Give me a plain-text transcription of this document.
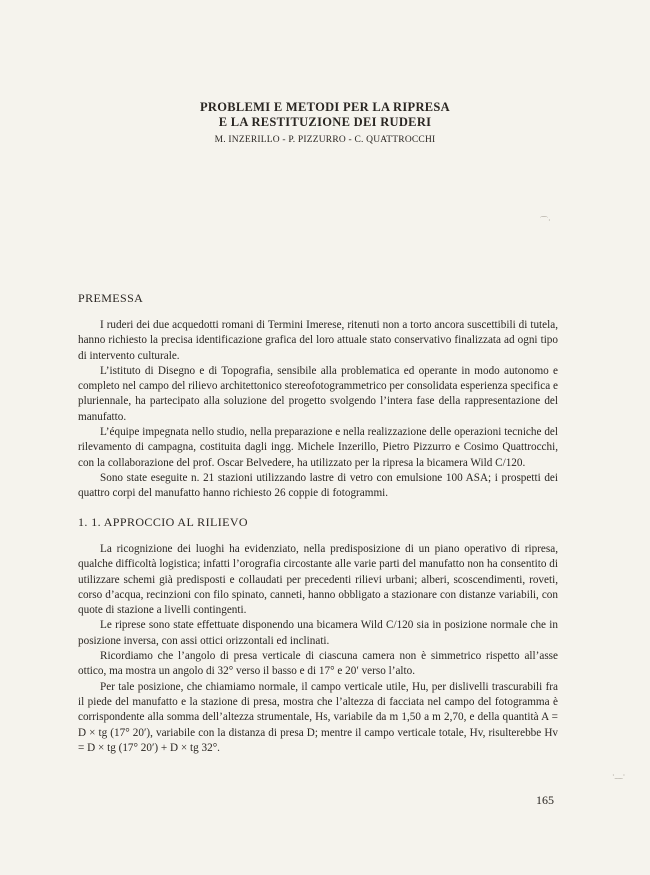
PROBLEMI E METODI PER LA RIPRESA
E LA RESTITUZIONE DEI RUDERI
M. INZERILLO - P. PIZZURRO - C. QUATTROCCHI
⌒·
PREMESSA

I ruderi dei due acquedotti romani di Termini Imerese, ritenuti non a torto ancora suscettibili di tutela, hanno richiesto la precisa identificazione grafica del loro attuale stato conservativo finalizzata ad ogni tipo di intervento culturale.

L’istituto di Disegno e di Topografia, sensibile alla problematica ed operante in modo autonomo e completo nel campo del rilievo architettonico stereofotogrammetrico per consolidata esperienza specifica e pluriennale, ha partecipato alla soluzione del progetto svolgendo l’intera fase della rappresentazione del manufatto.

L’équipe impegnata nello studio, nella preparazione e nella realizzazione delle operazioni tecniche del rilevamento di campagna, costituita dagli ingg. Michele Inzerillo, Pietro Pizzurro e Cosimo Quattrocchi, con la collaborazione del prof. Oscar Belvedere, ha utilizzato per la ripresa la bicamera Wild C/120.

Sono state eseguite n. 21 stazioni utilizzando lastre di vetro con emulsione 100 ASA; i prospetti dei quattro corpi del manufatto hanno richiesto 26 coppie di fotogrammi.

1. 1. APPROCCIO AL RILIEVO

La ricognizione dei luoghi ha evidenziato, nella predisposizione di un piano operativo di ripresa, qualche difficoltà logistica; infatti l’orografia circostante alle varie parti del manufatto non ha consentito di utilizzare schemi già predisposti e collaudati per precedenti rilievi urbani; alberi, scoscendimenti, roveti, corso d’acqua, recinzioni con filo spinato, canneti, hanno obbligato a stazionare con distanze variabili, con quote di stazione a livelli contingenti.

Le riprese sono state effettuate disponendo una bicamera Wild C/120 sia in posizione normale che in posizione inversa, con assi ottici orizzontali ed inclinati.

Ricordiamo che l’angolo di presa verticale di ciascuna camera non è simmetrico rispetto all’asse ottico, ma mostra un angolo di 32° verso il basso e di 17° e 20′ verso l’alto.

Per tale posizione, che chiamiamo normale, il campo verticale utile, Hu, per dislivelli trascurabili fra il piede del manufatto e la stazione di presa, mostra che l’altezza di facciata nel campo del fotogramma è corrispondente alla somma dell’altezza strumentale, Hs, variabile da m 1,50 a m 2,70, e della quantità A = D × tg (17° 20′), variabile con la distanza di presa D; mentre il campo verticale totale, Hv, risulterebbe Hv = D × tg (17° 20′) + D × tg 32°.

165
·﹏·
